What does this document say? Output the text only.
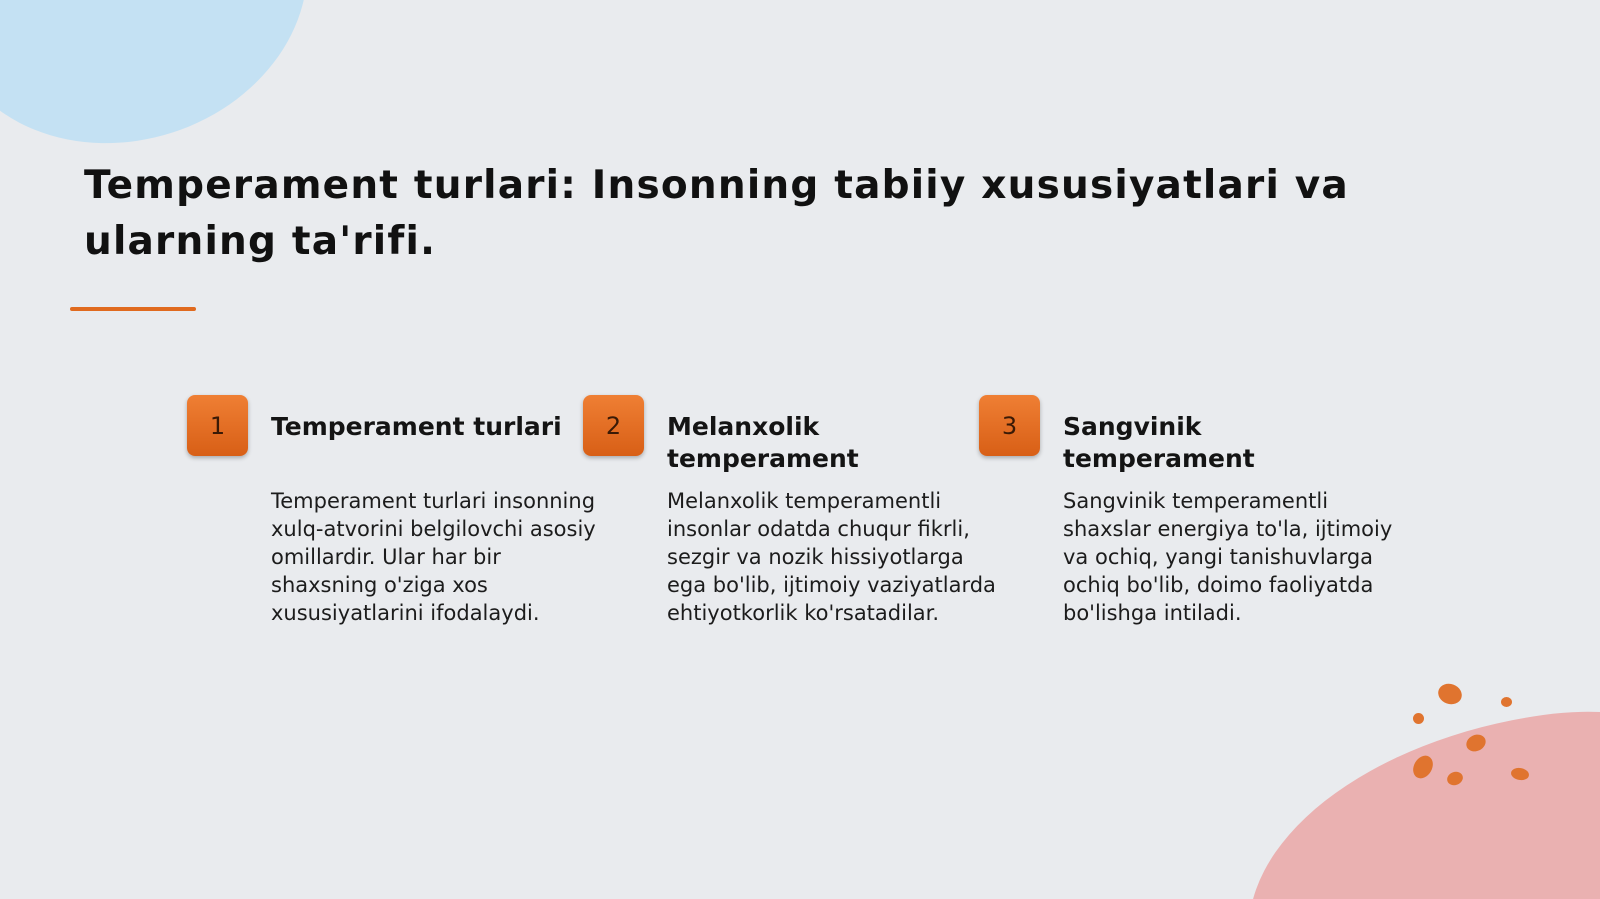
Temperament turlari: Insonning tabiiy xususiyatlari va ularning ta'rifi.
1	Temperament turlari

Temperament turlari insonning xulq-atvorini belgilovchi asosiy omillardir. Ular har bir shaxsning o'ziga xos xususiyatlarini ifodalaydi.

2	Melanxolik temperament

Melanxolik temperamentli insonlar odatda chuqur fikrli, sezgir va nozik hissiyotlarga ega bo'lib, ijtimoiy vaziyatlarda ehtiyotkorlik ko'rsatadilar.

3	Sangvinik temperament

Sangvinik temperamentli shaxslar energiya to'la, ijtimoiy va ochiq, yangi tanishuvlarga ochiq bo'lib, doimo faoliyatda bo'lishga intiladi.
